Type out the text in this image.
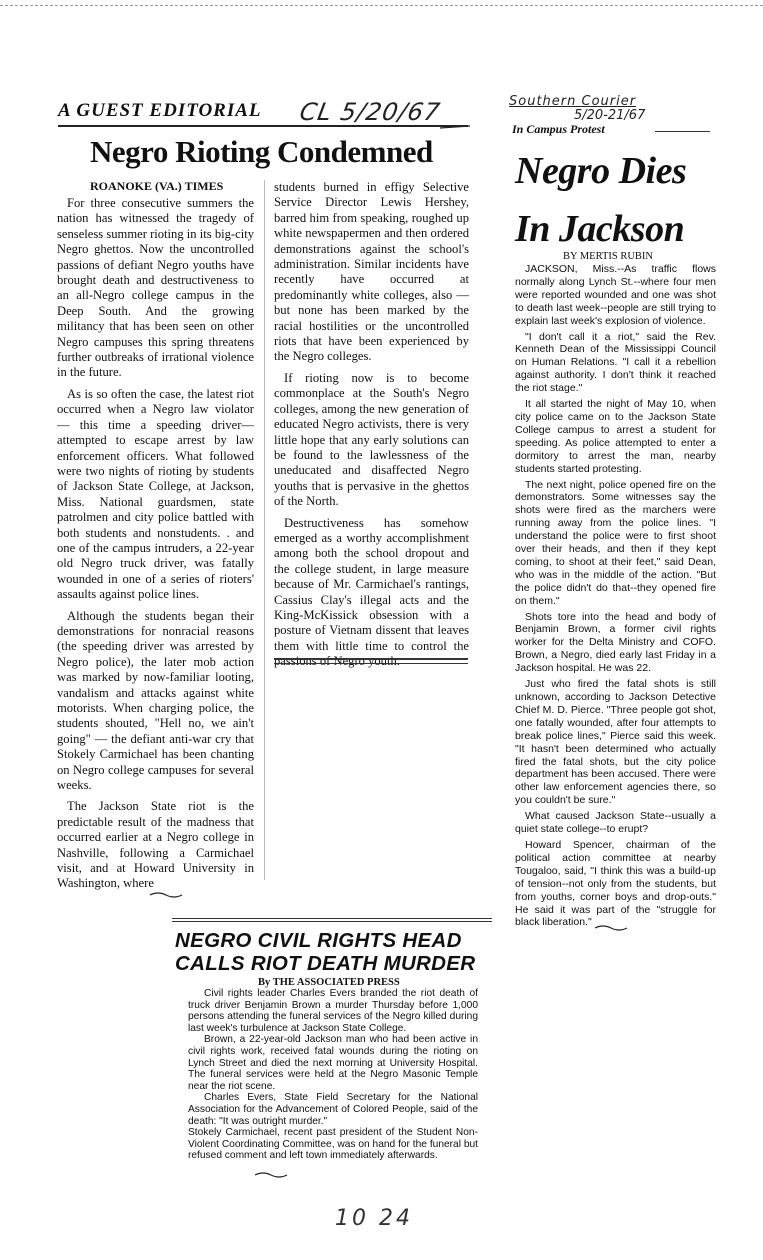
A GUEST EDITORIAL CL 5/20/67
Negro Rioting Condemned
ROANOKE (VA.) TIMES

For three consecutive summers the nation has witnessed the tragedy of senseless summer rioting in its big-city Negro ghettos. Now the uncontrolled passions of defiant Negro youths have brought death and destructiveness to an all-Negro college campus in the Deep South. And the growing militancy that has been seen on other Negro campuses this spring threatens further outbreaks of irrational violence in the future.

As is so often the case, the latest riot occurred when a Negro law violator — this time a speeding driver—attempted to escape arrest by law enforcement officers. What followed were two nights of rioting by students of Jackson State College, at Jackson, Miss. National guardsmen, state patrolmen and city police battled with both students and nonstudents. . and one of the campus intruders, a 22-year old Negro truck driver, was fatally wounded in one of a series of rioters' assaults against police lines.

Although the students began their demonstrations for nonracial reasons (the speeding driver was arrested by Negro police), the later mob action was marked by now-familiar looting, vandalism and attacks against white motorists. When charging police, the students shouted, "Hell no, we ain't going" — the defiant anti-war cry that Stokely Carmichael has been chanting on Negro college campuses for several weeks.

The Jackson State riot is the predictable result of the madness that occurred earlier at a Negro college in Nashville, following a Carmichael visit, and at Howard University in Washington, where

students burned in effigy Selective Service Director Lewis Hershey, barred him from speaking, roughed up white newspapermen and then ordered demonstrations against the school's administration. Similar incidents have recently have occurred at predominantly white colleges, also — but none has been marked by the racial hostilities or the uncontrolled riots that have been experienced by the Negro colleges.

If rioting now is to become commonplace at the South's Negro colleges, among the new generation of educated Negro activists, there is very little hope that any early solutions can be found to the lawlessness of the uneducated and disaffected Negro youths that is pervasive in the ghettos of the North.

Destructiveness has somehow emerged as a worthy accomplishment among both the school dropout and the college student, in large measure because of Mr. Carmichael's rantings, Cassius Clay's illegal acts and the King-McKissick obsession with a posture of Vietnam dissent that leaves them with little time to control the passions of Negro youth.

Southern Courier
5/20-21/67
In Campus Protest
Negro Dies
In Jackson
BY MERTIS RUBIN

JACKSON, Miss.--As traffic flows normally along Lynch St.--where four men were reported wounded and one was shot to death last week--people are still trying to explain last week's explosion of violence.

"I don't call it a riot," said the Rev. Kenneth Dean of the Mississippi Council on Human Relations. "I call it a rebellion against authority. I don't think it reached the riot stage."

It all started the night of May 10, when city police came on to the Jackson State College campus to arrest a student for speeding. As police attempted to enter a dormitory to arrest the man, nearby students started protesting.

The next night, police opened fire on the demonstrators. Some witnesses say the shots were fired as the marchers were running away from the police lines. "I understand the police were to first shoot over their heads, and then if they kept coming, to shoot at their feet," said Dean, who was in the middle of the action. "But the police didn't do that--they opened fire on them."

Shots tore into the head and body of Benjamin Brown, a former civil rights worker for the Delta Ministry and COFO. Brown, a Negro, died early last Friday in a Jackson hospital. He was 22.

Just who fired the fatal shots is still unknown, according to Jackson Detective Chief M. D. Pierce. "Three people got shot, one fatally wounded, after four attempts to break police lines," Pierce said this week. "It hasn't been determined who actually fired the fatal shots, but the city police department has been accused. There were other law enforcement agencies there, so you couldn't be sure."

What caused Jackson State--usually a quiet state college--to erupt?

Howard Spencer, chairman of the political action committee at nearby Tougaloo, said, "I think this was a build-up of tension--not only from the students, but from youths, corner boys and drop-outs." He said it was part of the "struggle for black liberation."

NEGRO CIVIL RIGHTS HEAD
CALLS RIOT DEATH MURDER
By THE ASSOCIATED PRESS

Civil rights leader Charles Evers branded the riot death of truck driver Benjamin Brown a murder Thursday before 1,000 persons attending the funeral services of the Negro killed during last week's turbulence at Jackson State College.

Brown, a 22-year-old Jackson man who had been active in civil rights work, received fatal wounds during the rioting on Lynch Street and died the next morning at University Hospital. The funeral services were held at the Negro Masonic Temple near the riot scene.

Charles Evers, State Field Secretary for the National Association for the Advancement of Colored People, said of the death: "It was outright murder."

Stokely Carmichael, recent past president of the Student Non-Violent Coordinating Committee, was on hand for the funeral but refused comment and left town immediately afterwards.

10 24
